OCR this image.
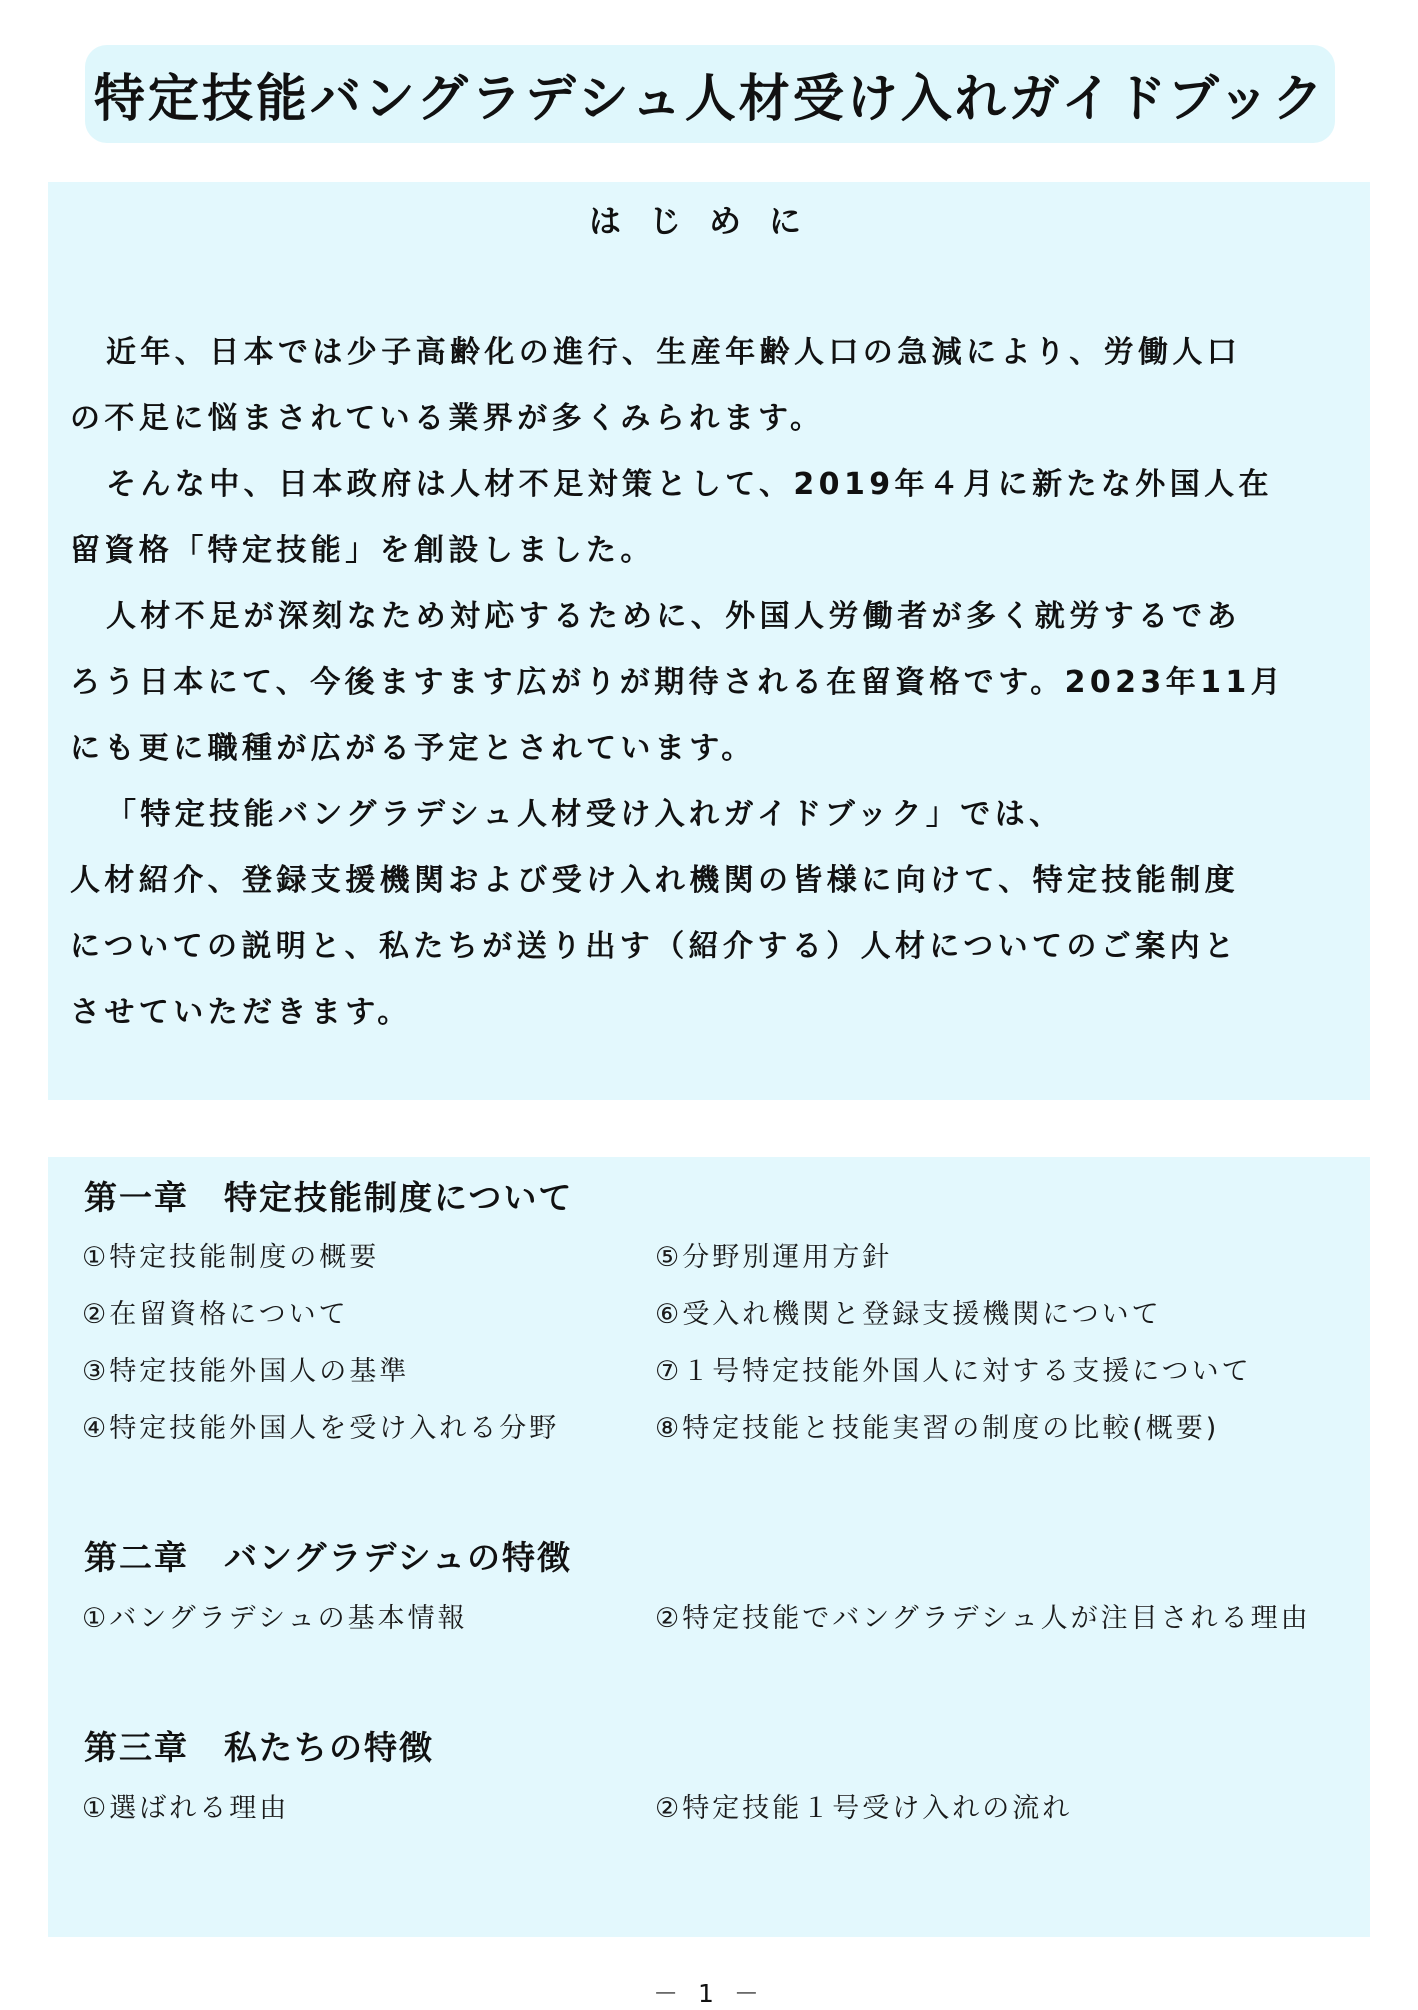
特定技能バングラデシュ人材受け入れガイドブック
はじめに

近年、日本では少子高齢化の進行、生産年齢人口の急減により、労働人口

の不足に悩まされている業界が多くみられます。

そんな中、日本政府は人材不足対策として、2019年４月に新たな外国人在

留資格「特定技能」を創設しました。

人材不足が深刻なため対応するために、外国人労働者が多く就労するであ

ろう日本にて、今後ますます広がりが期待される在留資格です。2023年11月

にも更に職種が広がる予定とされています。

「特定技能バングラデシュ人材受け入れガイドブック」では、

人材紹介、登録支援機関および受け入れ機関の皆様に向けて、特定技能制度

についての説明と、私たちが送り出す（紹介する）人材についてのご案内と

させていただきます。

第一章　特定技能制度について
①特定技能制度の概要
②在留資格について
③特定技能外国人の基準
④特定技能外国人を受け入れる分野
⑤分野別運用方針
⑥受入れ機関と登録支援機関について
⑦１号特定技能外国人に対する支援について
⑧特定技能と技能実習の制度の比較(概要)
第二章　バングラデシュの特徴
①バングラデシュの基本情報	②特定技能でバングラデシュ人が注目される理由
第三章　私たちの特徴
①選ばれる理由	②特定技能１号受け入れの流れ
－ 1 －
